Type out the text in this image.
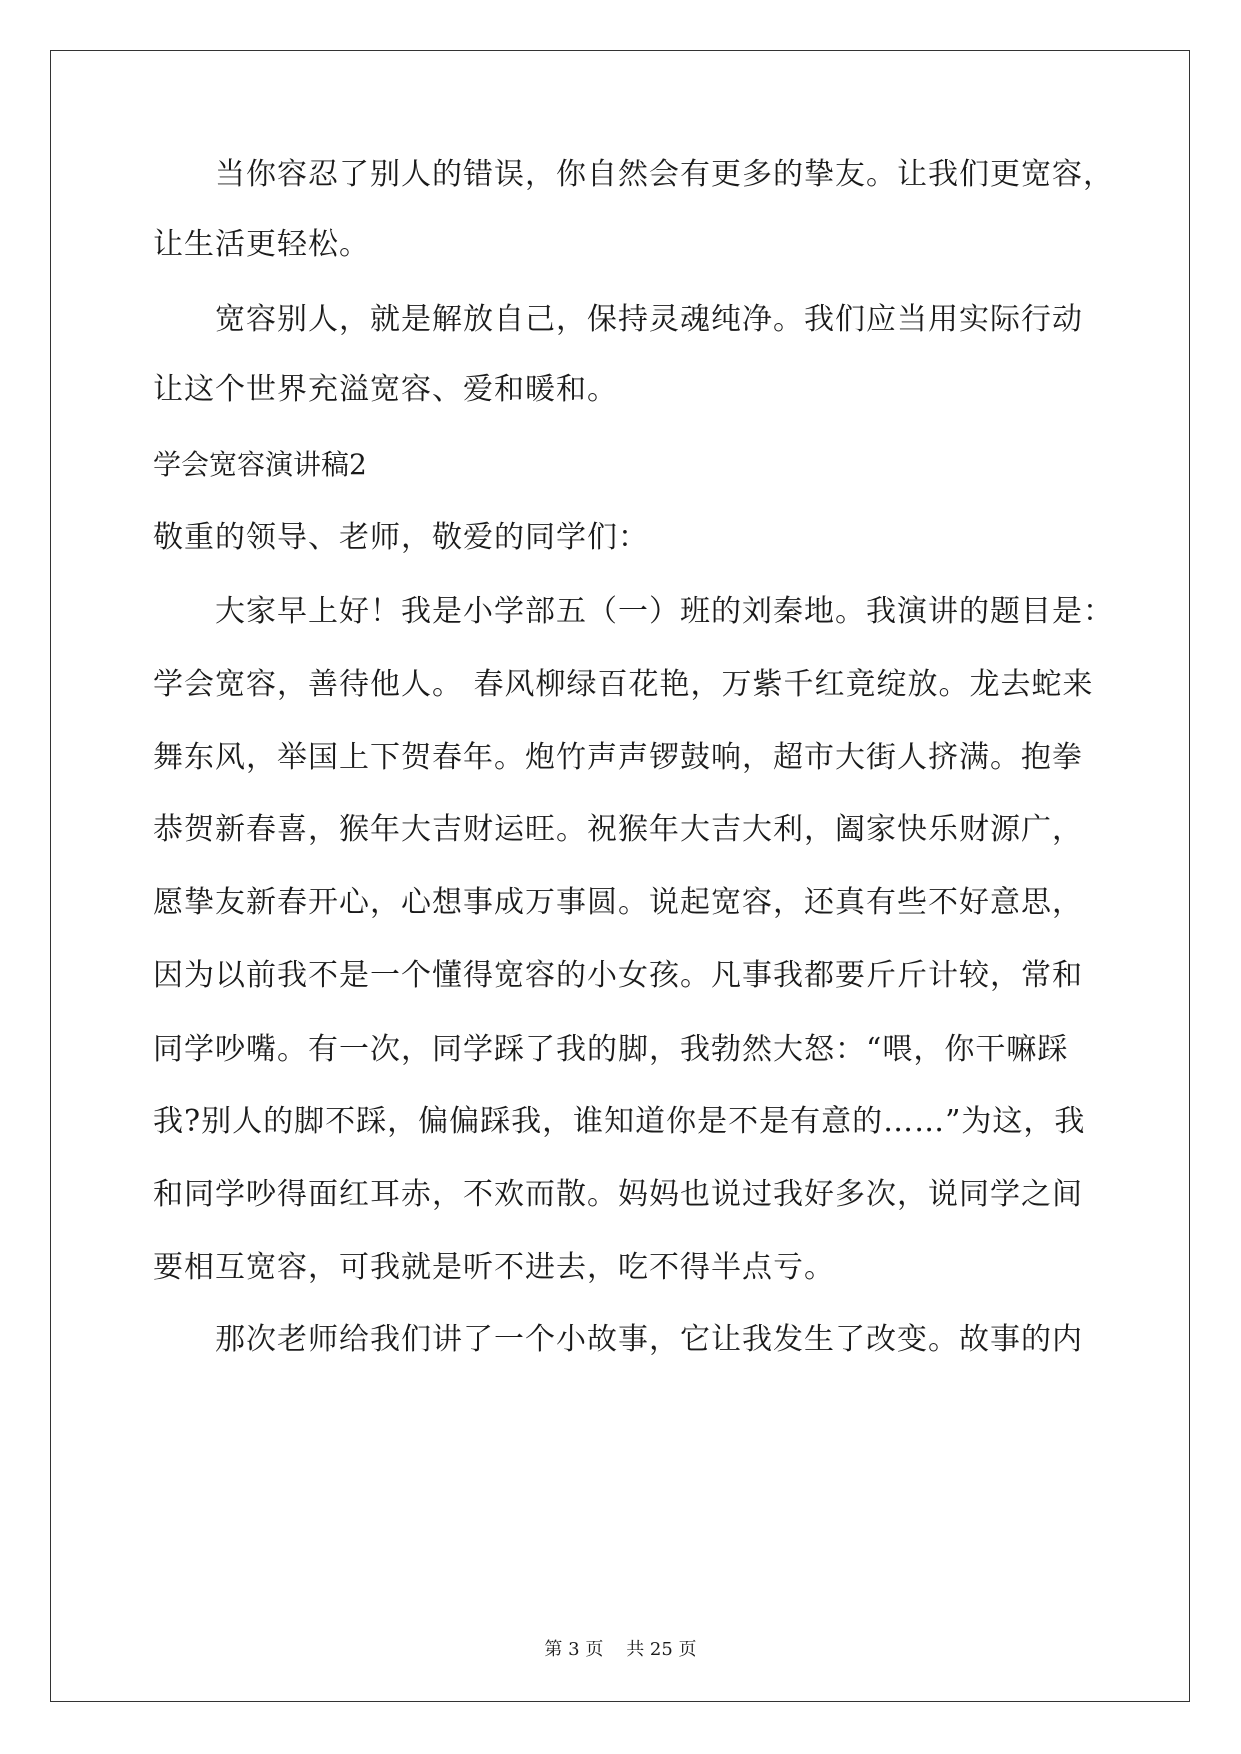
当你容忍了别人的错误，你自然会有更多的挚友。让我们更宽容，
让生活更轻松。
宽容别人，就是解放自己，保持灵魂纯净。我们应当用实际行动
让这个世界充溢宽容、爱和暖和。
学会宽容演讲稿2
敬重的领导、老师，敬爱的同学们：
大家早上好！我是小学部五（一）班的刘秦地。我演讲的题目是：
学会宽容，善待他人。 春风柳绿百花艳，万紫千红竟绽放。龙去蛇来
舞东风，举国上下贺春年。炮竹声声锣鼓响，超市大街人挤满。抱拳
恭贺新春喜，猴年大吉财运旺。祝猴年大吉大利，阖家快乐财源广，
愿挚友新春开心，心想事成万事圆。说起宽容，还真有些不好意思，
因为以前我不是一个懂得宽容的小女孩。凡事我都要斤斤计较，常和
同学吵嘴。有一次，同学踩了我的脚，我勃然大怒：“喂，你干嘛踩
我?别人的脚不踩，偏偏踩我，谁知道你是不是有意的……”为这，我
和同学吵得面红耳赤，不欢而散。妈妈也说过我好多次，说同学之间
要相互宽容，可我就是听不进去，吃不得半点亏。
那次老师给我们讲了一个小故事，它让我发生了改变。故事的内
第 3 页    共 25 页
